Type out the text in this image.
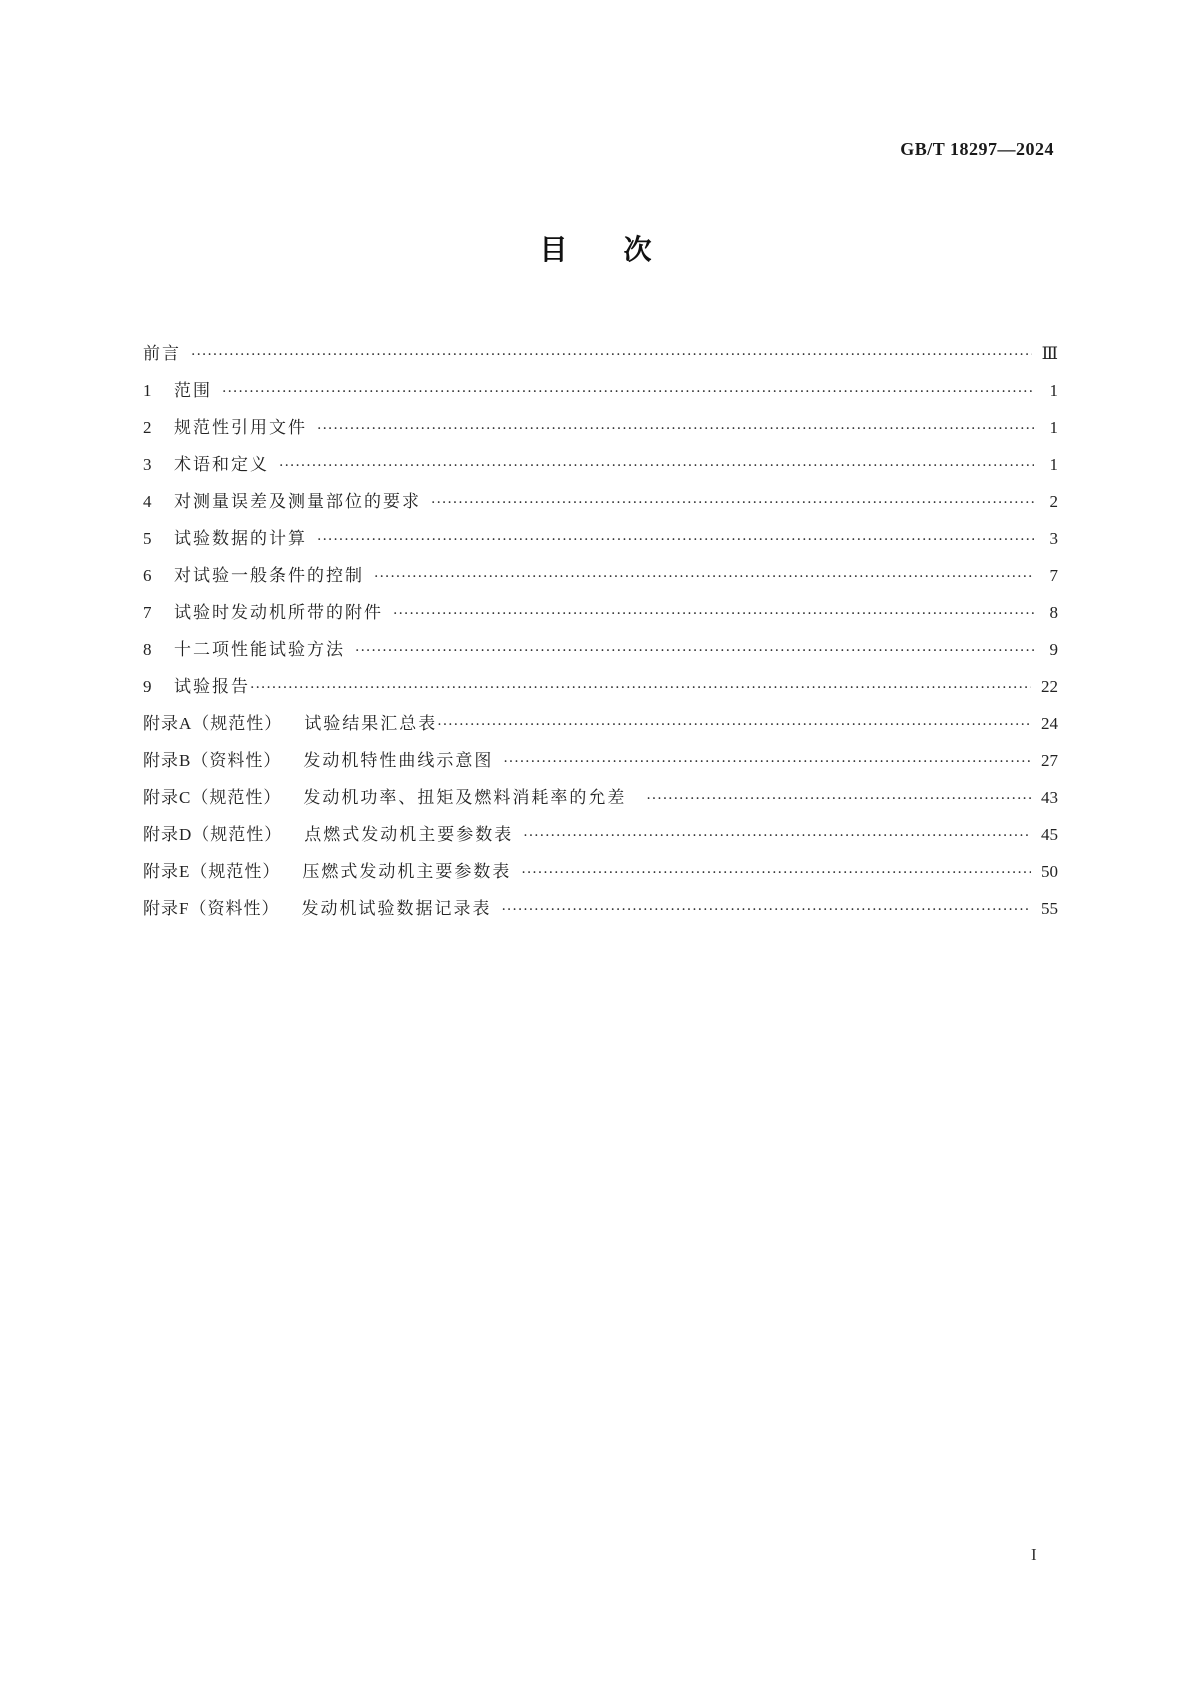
GB/T 18297—2024
目次
前言 ·····	Ⅲ
1	范围 ·····	1
2	规范性引用文件 ·····	1
3	术语和定义 ·····	1
4	对测量误差及测量部位的要求 ·····	2
5	试验数据的计算 ·····	3
6	对试验一般条件的控制 ·····	7
7	试验时发动机所带的附件 ·····	8
8	十二项性能试验方法 ·····	9
9	试验报告 ·····	22
附录A（规范性）	试验结果汇总表 ·····	24
附录B（资料性）	发动机特性曲线示意图 ·····	27
附录C（规范性）	发动机功率、扭矩及燃料消耗率的允差 ·····	43
附录D（规范性）	点燃式发动机主要参数表 ·····	45
附录E（规范性）	压燃式发动机主要参数表 ·····	50
附录F（资料性）	发动机试验数据记录表 ·····	55
I
